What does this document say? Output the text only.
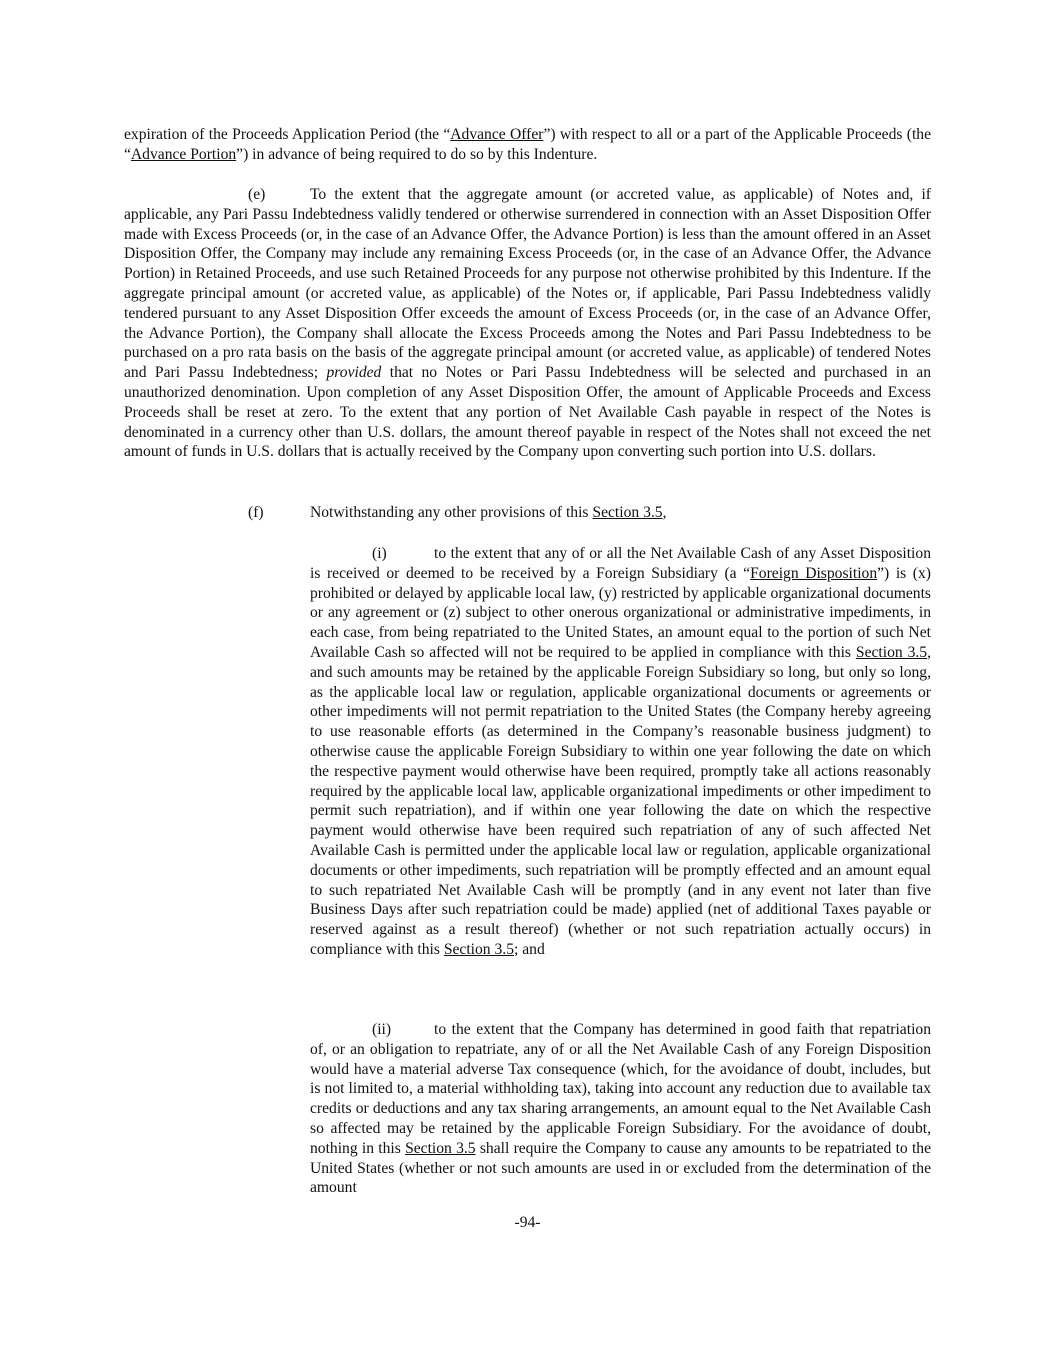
expiration of the Proceeds Application Period (the “Advance Offer”) with respect to all or a part of the Applicable Proceeds (the “Advance Portion”) in advance of being required to do so by this Indenture.

(e)	To the extent that the aggregate amount (or accreted value, as applicable) of Notes and, if applicable, any Pari Passu Indebtedness validly tendered or otherwise surrendered in connection with an Asset Disposition Offer made with Excess Proceeds (or, in the case of an Advance Offer, the Advance Portion) is less than the amount offered in an Asset Disposition Offer, the Company may include any remaining Excess Proceeds (or, in the case of an Advance Offer, the Advance Portion) in Retained Proceeds, and use such Retained Proceeds for any purpose not otherwise prohibited by this Indenture. If the aggregate principal amount (or accreted value, as applicable) of the Notes or, if applicable, Pari Passu Indebtedness validly tendered pursuant to any Asset Disposition Offer exceeds the amount of Excess Proceeds (or, in the case of an Advance Offer, the Advance Portion), the Company shall allocate the Excess Proceeds among the Notes and Pari Passu Indebtedness to be purchased on a pro rata basis on the basis of the aggregate principal amount (or accreted value, as applicable) of tendered Notes and Pari Passu Indebtedness; provided that no Notes or Pari Passu Indebtedness will be selected and purchased in an unauthorized denomination. Upon completion of any Asset Disposition Offer, the amount of Applicable Proceeds and Excess Proceeds shall be reset at zero. To the extent that any portion of Net Available Cash payable in respect of the Notes is denominated in a currency other than U.S. dollars, the amount thereof payable in respect of the Notes shall not exceed the net amount of funds in U.S. dollars that is actually received by the Company upon converting such portion into U.S. dollars.

(f)	Notwithstanding any other provisions of this Section 3.5,

(i)	to the extent that any of or all the Net Available Cash of any Asset Disposition is received or deemed to be received by a Foreign Subsidiary (a “Foreign Disposition”) is (x) prohibited or delayed by applicable local law, (y) restricted by applicable organizational documents or any agreement or (z) subject to other onerous organizational or administrative impediments, in each case, from being repatriated to the United States, an amount equal to the portion of such Net Available Cash so affected will not be required to be applied in compliance with this Section 3.5, and such amounts may be retained by the applicable Foreign Subsidiary so long, but only so long, as the applicable local law or regulation, applicable organizational documents or agreements or other impediments will not permit repatriation to the United States (the Company hereby agreeing to use reasonable efforts (as determined in the Company’s reasonable business judgment) to otherwise cause the applicable Foreign Subsidiary to within one year following the date on which the respective payment would otherwise have been required, promptly take all actions reasonably required by the applicable local law, applicable organizational impediments or other impediment to permit such repatriation), and if within one year following the date on which the respective payment would otherwise have been required such repatriation of any of such affected Net Available Cash is permitted under the applicable local law or regulation, applicable organizational documents or other impediments, such repatriation will be promptly effected and an amount equal to such repatriated Net Available Cash will be promptly (and in any event not later than five Business Days after such repatriation could be made) applied (net of additional Taxes payable or reserved against as a result thereof) (whether or not such repatriation actually occurs) in compliance with this Section 3.5; and

(ii)	to the extent that the Company has determined in good faith that repatriation of, or an obligation to repatriate, any of or all the Net Available Cash of any Foreign Disposition would have a material adverse Tax consequence (which, for the avoidance of doubt, includes, but is not limited to, a material withholding tax), taking into account any reduction due to available tax credits or deductions and any tax sharing arrangements, an amount equal to the Net Available Cash so affected may be retained by the applicable Foreign Subsidiary. For the avoidance of doubt, nothing in this Section 3.5 shall require the Company to cause any amounts to be repatriated to the United States (whether or not such amounts are used in or excluded from the determination of the amount

-94-
